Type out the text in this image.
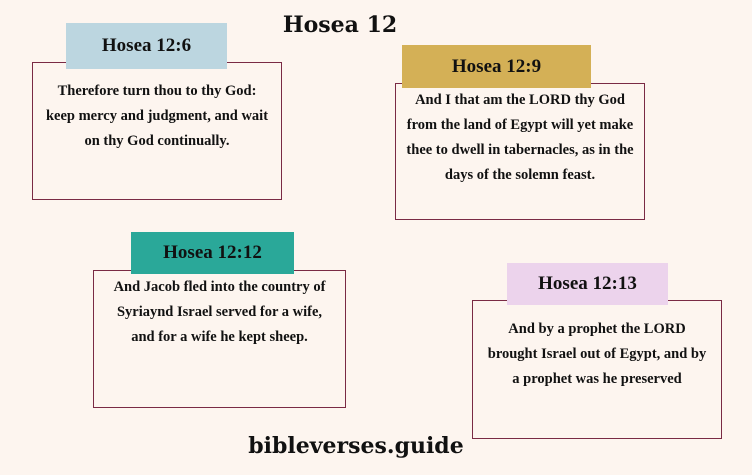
Hosea 12
Therefore turn thou to thy God: keep mercy and judgment, and wait on thy God continually.
Hosea 12:6
And I that am the LORD thy God from the land of Egypt will yet make thee to dwell in tabernacles, as in the days of the solemn feast.
Hosea 12:9
And Jacob fled into the country of Syriaynd Israel served for a wife, and for a wife he kept sheep.
Hosea 12:12
And by a prophet the LORD brought Israel out of Egypt, and by a prophet was he preserved
Hosea 12:13
bibleverses.guide
